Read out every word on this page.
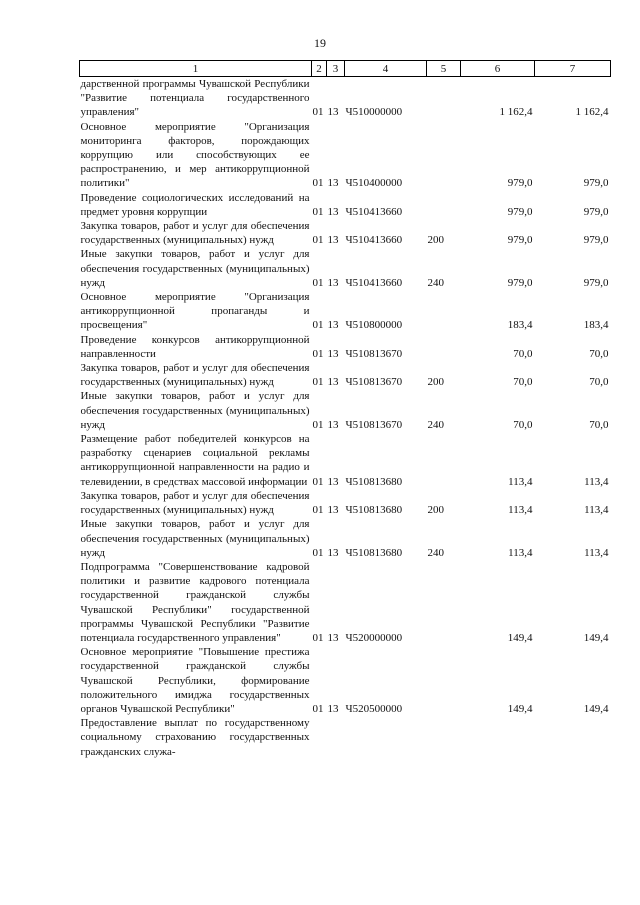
19
1	2	3	4	5	6	7
дарственной программы Чувашской Республики "Развитие потенциала государственного управления"	01	13	Ч510000000		1 162,4	1 162,4
Основное мероприятие "Организация мониторинга факторов, порождающих коррупцию или способствующих ее распространению, и мер антикоррупционной политики"	01	13	Ч510400000		979,0	979,0
Проведение социологических исследований на предмет уровня коррупции	01	13	Ч510413660		979,0	979,0
Закупка товаров, работ и услуг для обеспечения государственных (муниципальных) нужд	01	13	Ч510413660	200	979,0	979,0
Иные закупки товаров, работ и услуг для обеспечения государственных (муниципальных) нужд	01	13	Ч510413660	240	979,0	979,0
Основное мероприятие "Организация антикоррупционной пропаганды и просвещения"	01	13	Ч510800000		183,4	183,4
Проведение конкурсов антикоррупционной направленности	01	13	Ч510813670		70,0	70,0
Закупка товаров, работ и услуг для обеспечения государственных (муниципальных) нужд	01	13	Ч510813670	200	70,0	70,0
Иные закупки товаров, работ и услуг для обеспечения государственных (муниципальных) нужд	01	13	Ч510813670	240	70,0	70,0
Размещение работ победителей конкурсов на разработку сценариев социальной рекламы антикоррупционной направленности на радио и телевидении, в средствах массовой информации	01	13	Ч510813680		113,4	113,4
Закупка товаров, работ и услуг для обеспечения государственных (муниципальных) нужд	01	13	Ч510813680	200	113,4	113,4
Иные закупки товаров, работ и услуг для обеспечения государственных (муниципальных) нужд	01	13	Ч510813680	240	113,4	113,4
Подпрограмма "Совершенствование кадровой политики и развитие кадрового потенциала государственной гражданской службы Чувашской Республики" государственной программы Чувашской Республики "Развитие потенциала государственного управления"	01	13	Ч520000000		149,4	149,4
Основное мероприятие "Повышение престижа государственной гражданской службы Чувашской Республики, формирование положительного имиджа государственных органов Чувашской Республики"	01	13	Ч520500000		149,4	149,4
Предоставление выплат по государственному социальному страхованию государственных гражданских служа-						
